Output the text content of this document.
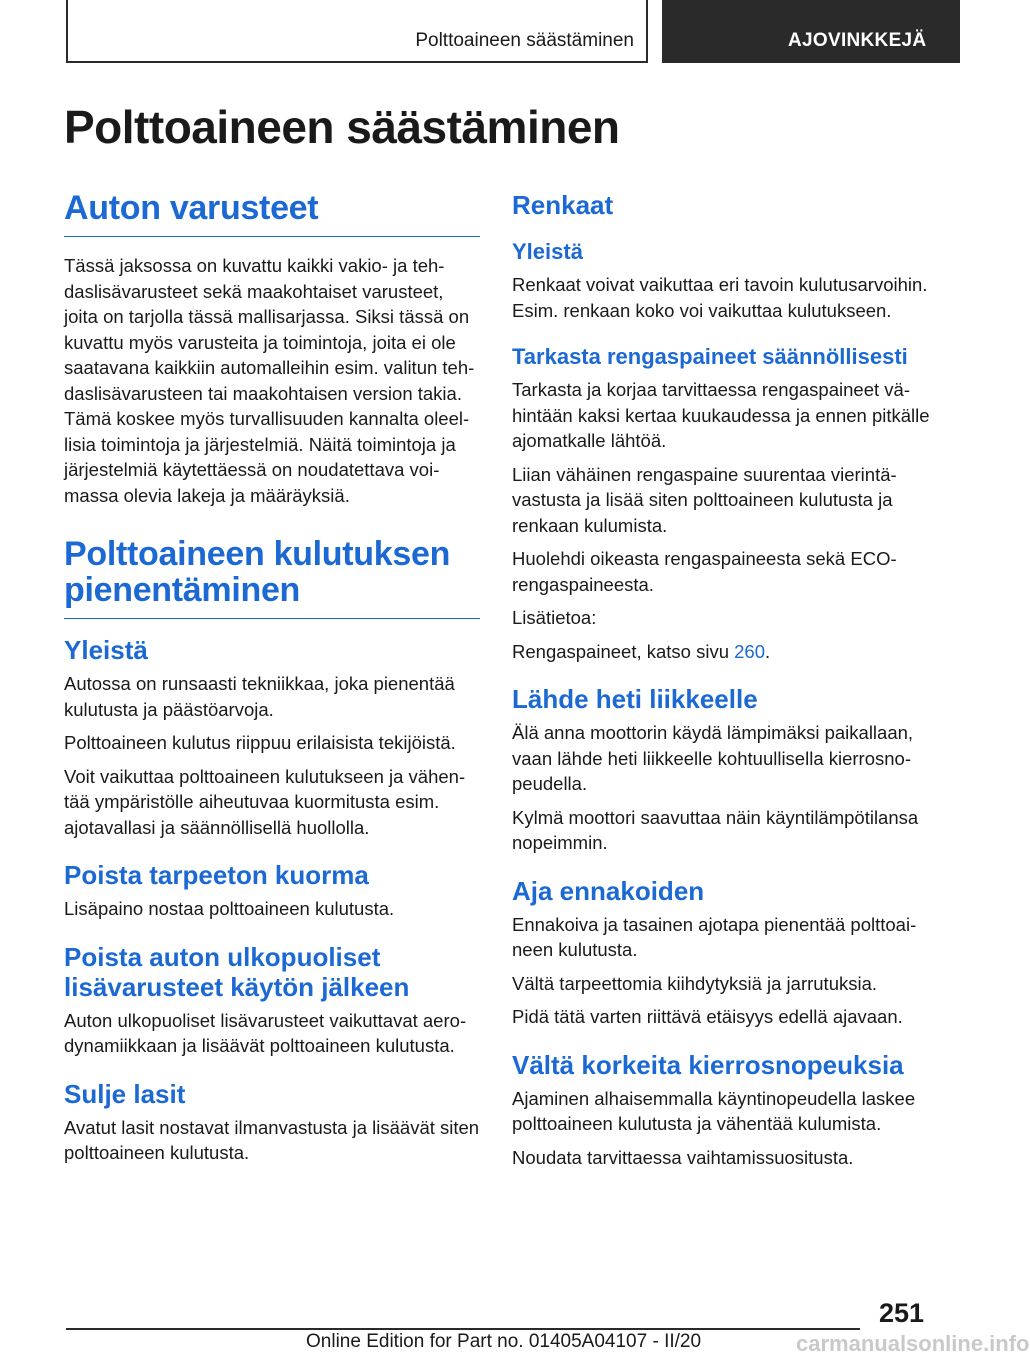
Polttoaineen säästäminen	AJOVINKKEJÄ
Polttoaineen säästäminen
Auton varusteet

Tässä jaksossa on kuvattu kaikki vakio- ja tehdaslisävarusteet sekä maakohtaiset varusteet, joita on tarjolla tässä mallisarjassa. Siksi tässä on kuvattu myös varusteita ja toimintoja, joita ei ole saatavana kaikkiin automalleihin esim. valitun tehdaslisävarusteen tai maakohtaisen version takia. Tämä koskee myös turvallisuuden kannalta oleellisia toimintoja ja järjestelmiä. Näitä toimintoja ja järjestelmiä käytettäessä on noudatettava voimassa olevia lakeja ja määräyksiä.

Polttoaineen kulutuksen pienentäminen
Yleistä

Autossa on runsaasti tekniikkaa, joka pienentää kulutusta ja päästöarvoja.

Polttoaineen kulutus riippuu erilaisista tekijöistä.

Voit vaikuttaa polttoaineen kulutukseen ja vähentää ympäristölle aiheutuvaa kuormitusta esim. ajotavallasi ja säännöllisellä huollolla.

Poista tarpeeton kuorma

Lisäpaino nostaa polttoaineen kulutusta.

Poista auton ulkopuoliset lisävarusteet käytön jälkeen

Auton ulkopuoliset lisävarusteet vaikuttavat aerodynamiikkaan ja lisäävät polttoaineen kulutusta.

Sulje lasit

Avatut lasit nostavat ilmanvastusta ja lisäävät siten polttoaineen kulutusta.

Renkaat
Yleistä

Renkaat voivat vaikuttaa eri tavoin kulutusarvoihin. Esim. renkaan koko voi vaikuttaa kulutukseen.

Tarkasta rengaspaineet säännöllisesti

Tarkasta ja korjaa tarvittaessa rengaspaineet vähintään kaksi kertaa kuukaudessa ja ennen pitkälle ajomatkalle lähtöä.

Liian vähäinen rengaspaine suurentaa vierintävastusta ja lisää siten polttoaineen kulutusta ja renkaan kulumista.

Huolehdi oikeasta rengaspaineesta sekä ECO-rengaspaineesta.

Lisätietoa:

Rengaspaineet, katso sivu 260.

Lähde heti liikkeelle

Älä anna moottorin käydä lämpimäksi paikallaan, vaan lähde heti liikkeelle kohtuullisella kierrosnopeudella.

Kylmä moottori saavuttaa näin käyntilämpötilansa nopeimmin.

Aja ennakoiden

Ennakoiva ja tasainen ajotapa pienentää polttoaineen kulutusta.

Vältä tarpeettomia kiihdytyksiä ja jarrutuksia.

Pidä tätä varten riittävä etäisyys edellä ajavaan.

Vältä korkeita kierrosnopeuksia

Ajaminen alhaisemmalla käyntinopeudella laskee polttoaineen kulutusta ja vähentää kulumista.

Noudata tarvittaessa vaihtamissuositusta.

251
Online Edition for Part no. 01405A04107 - II/20	carmanualsonline.info
